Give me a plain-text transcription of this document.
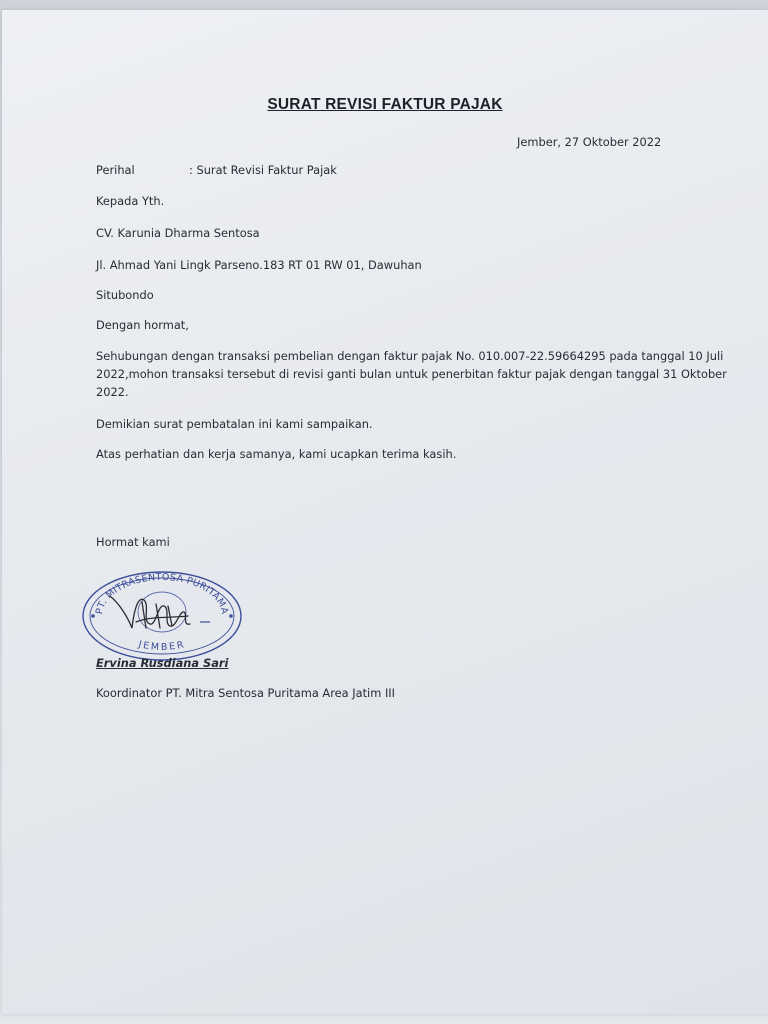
SURAT REVISI FAKTUR PAJAK
Jember, 27 Oktober 2022
Perihal	: Surat Revisi Faktur Pajak
Kepada Yth.
CV. Karunia Dharma Sentosa
Jl. Ahmad Yani Lingk Parseno.183 RT 01 RW 01, Dawuhan
Situbondo
Dengan hormat,
Sehubungan dengan transaksi pembelian dengan faktur pajak No. 010.007-22.59664295 pada tanggal 10 Juli 2022,mohon transaksi tersebut di revisi ganti bulan untuk penerbitan faktur pajak dengan tanggal 31 Oktober 2022.
Demikian surat pembatalan ini kami sampaikan.
Atas perhatian dan kerja samanya, kami ucapkan terima kasih.
Hormat kami
PT. MITRASENTOSA PURITAMA
JEMBER
Ervina Rusdiana Sari
Koordinator PT. Mitra Sentosa Puritama Area Jatim III
